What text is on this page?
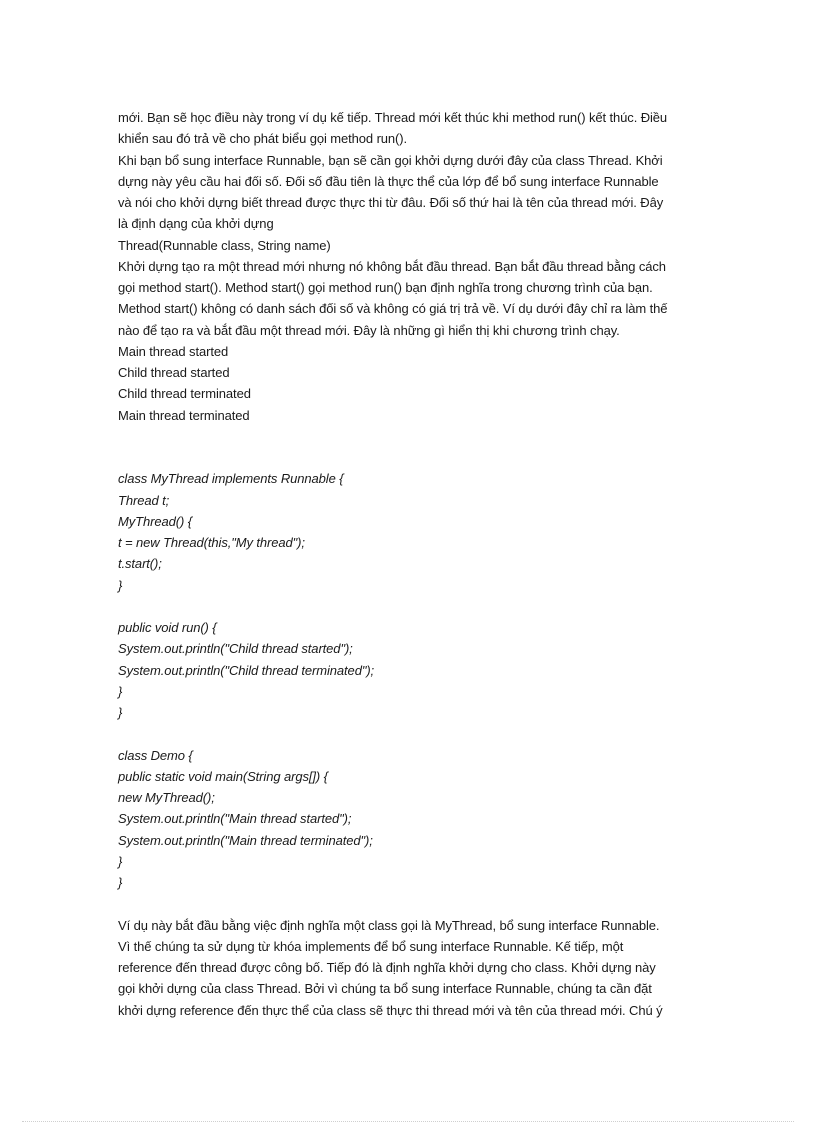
mới. Bạn sẽ học điều này trong ví dụ kế tiếp. Thread mới kết thúc khi method run() kết thúc. Điều
khiển sau đó trả về cho phát biểu gọi method run().
Khi bạn bổ sung interface Runnable, bạn sẽ cần gọi khởi dựng dưới đây của class Thread. Khởi
dựng này yêu cầu hai đối số. Đối số đầu tiên là thực thể của lớp để bổ sung interface Runnable
và nói cho khởi dựng biết thread được thực thi từ đâu. Đối số thứ hai là tên của thread mới. Đây
là định dạng của khởi dựng
Thread(Runnable class, String name)
Khởi dựng tạo ra một thread mới nhưng nó không bắt đầu thread. Bạn bắt đầu thread bằng cách
gọi method start(). Method start() gọi method run() bạn định nghĩa trong chương trình của bạn.
Method start() không có danh sách đối số và không có giá trị trả về. Ví dụ dưới đây chỉ ra làm thế
nào để tạo ra và bắt đầu một thread mới. Đây là những gì hiển thị khi chương trình chạy.
Main thread started
Child thread started
Child thread terminated
Main thread terminated
class MyThread implements Runnable {
Thread t;
MyThread() {
t = new Thread(this,"My thread");
t.start();
}
public void run() {
System.out.println("Child thread started");
System.out.println("Child thread terminated");
}
}
class Demo {
public static void main(String args[]) {
new MyThread();
System.out.println("Main thread started");
System.out.println("Main thread terminated");
}
}
Ví dụ này bắt đầu bằng việc định nghĩa một class gọi là MyThread, bổ sung interface Runnable.
Vì thế chúng ta sử dụng từ khóa implements để bổ sung interface Runnable. Kế tiếp, một
reference đến thread được công bố. Tiếp đó là định nghĩa khởi dựng cho class. Khởi dựng này
gọi khởi dựng của class Thread. Bởi vì chúng ta bổ sung interface Runnable, chúng ta cần đặt
khởi dựng reference đến thực thể của class sẽ thực thi thread mới và tên của thread mới. Chú ý
